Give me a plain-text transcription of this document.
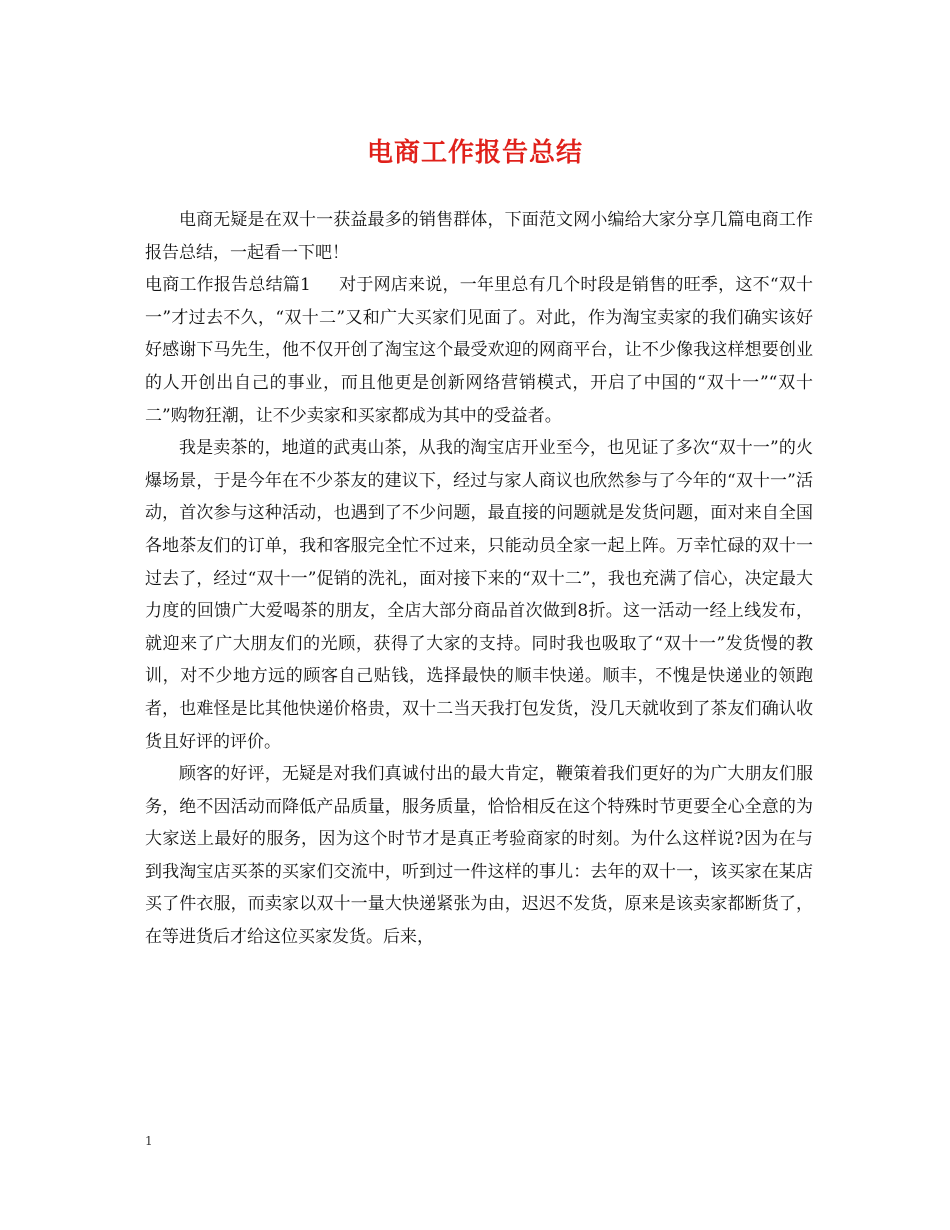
电商工作报告总结

电商无疑是在双十一获益最多的销售群体，下面范文网小编给大家分享几篇电商工作报告总结，一起看一下吧！

电商工作报告总结篇1 对于网店来说，一年里总有几个时段是销售的旺季，这不“双十一”才过去不久，“双十二”又和广大买家们见面了。对此，作为淘宝卖家的我们确实该好好感谢下马先生，他不仅开创了淘宝这个最受欢迎的网商平台，让不少像我这样想要创业的人开创出自己的事业，而且他更是创新网络营销模式，开启了中国的“双十一”“双十二”购物狂潮，让不少卖家和买家都成为其中的受益者。

我是卖茶的，地道的武夷山茶，从我的淘宝店开业至今，也见证了多次“双十一”的火爆场景，于是今年在不少茶友的建议下，经过与家人商议也欣然参与了今年的“双十一”活动，首次参与这种活动，也遇到了不少问题，最直接的问题就是发货问题，面对来自全国各地茶友们的订单，我和客服完全忙不过来，只能动员全家一起上阵。万幸忙碌的双十一过去了，经过“双十一”促销的洗礼，面对接下来的“双十二”，我也充满了信心，决定最大力度的回馈广大爱喝茶的朋友，全店大部分商品首次做到8折。这一活动一经上线发布，就迎来了广大朋友们的光顾，获得了大家的支持。同时我也吸取了“双十一”发货慢的教训，对不少地方远的顾客自己贴钱，选择最快的顺丰快递。顺丰，不愧是快递业的领跑者，也难怪是比其他快递价格贵，双十二当天我打包发货，没几天就收到了茶友们确认收货且好评的评价。

顾客的好评，无疑是对我们真诚付出的最大肯定，鞭策着我们更好的为广大朋友们服务，绝不因活动而降低产品质量，服务质量，恰恰相反在这个特殊时节更要全心全意的为大家送上最好的服务，因为这个时节才是真正考验商家的时刻。为什么这样说?因为在与到我淘宝店买茶的买家们交流中，听到过一件这样的事儿：去年的双十一，该买家在某店买了件衣服，而卖家以双十一量大快递紧张为由，迟迟不发货，原来是该卖家都断货了，在等进货后才给这位买家发货。后来，

1
